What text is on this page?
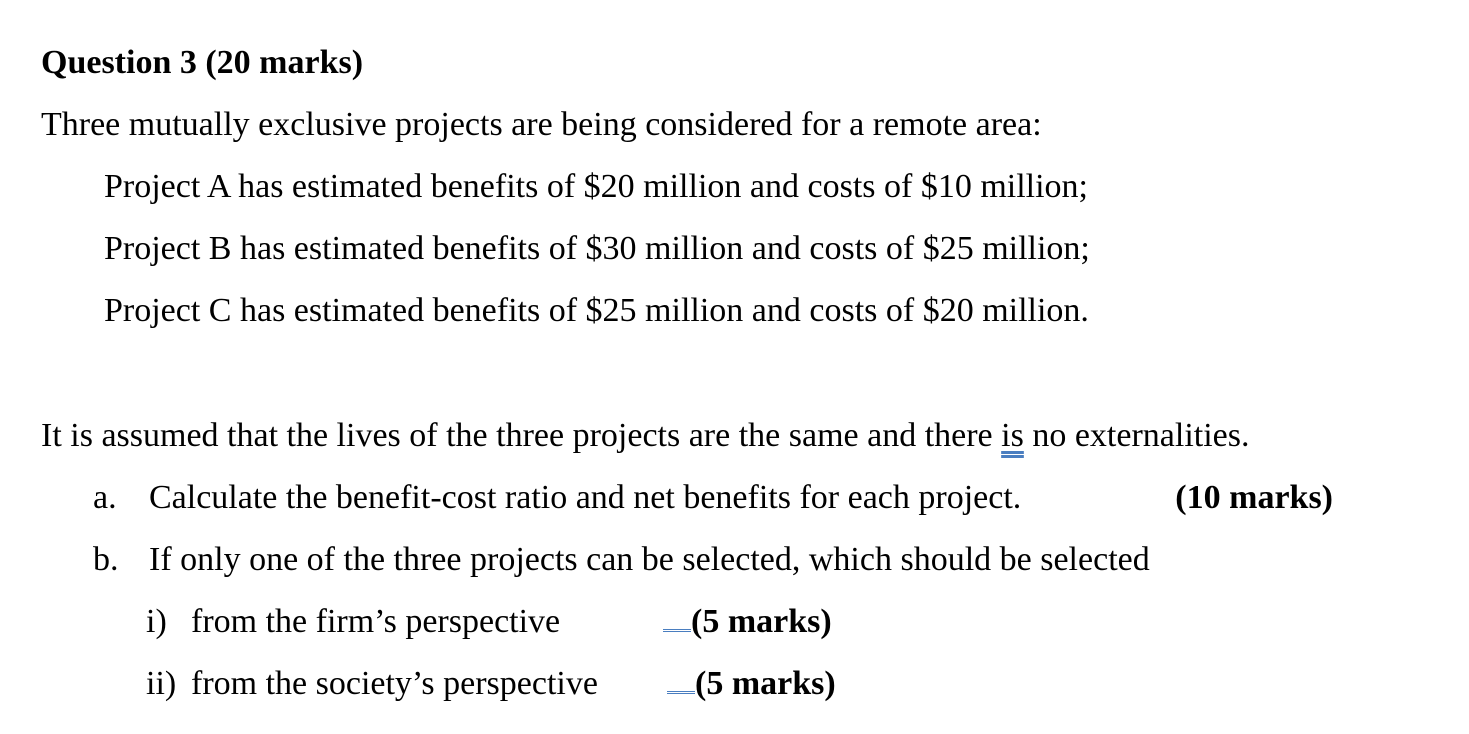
Question 3 (20 marks)
Three mutually exclusive projects are being considered for a remote area:
Project A has estimated benefits of $20 million and costs of $10 million;
Project B has estimated benefits of $30 million and costs of $25 million;
Project C has estimated benefits of $25 million and costs of $20 million.
It is assumed that the lives of the three projects are the same and there is no externalities.
a. Calculate the benefit-cost ratio and net benefits for each project.	(10 marks)
b. If only one of the three projects can be selected, which should be selected
i) from the firm’s perspective	(5 marks)
ii) from the society’s perspective	(5 marks)
